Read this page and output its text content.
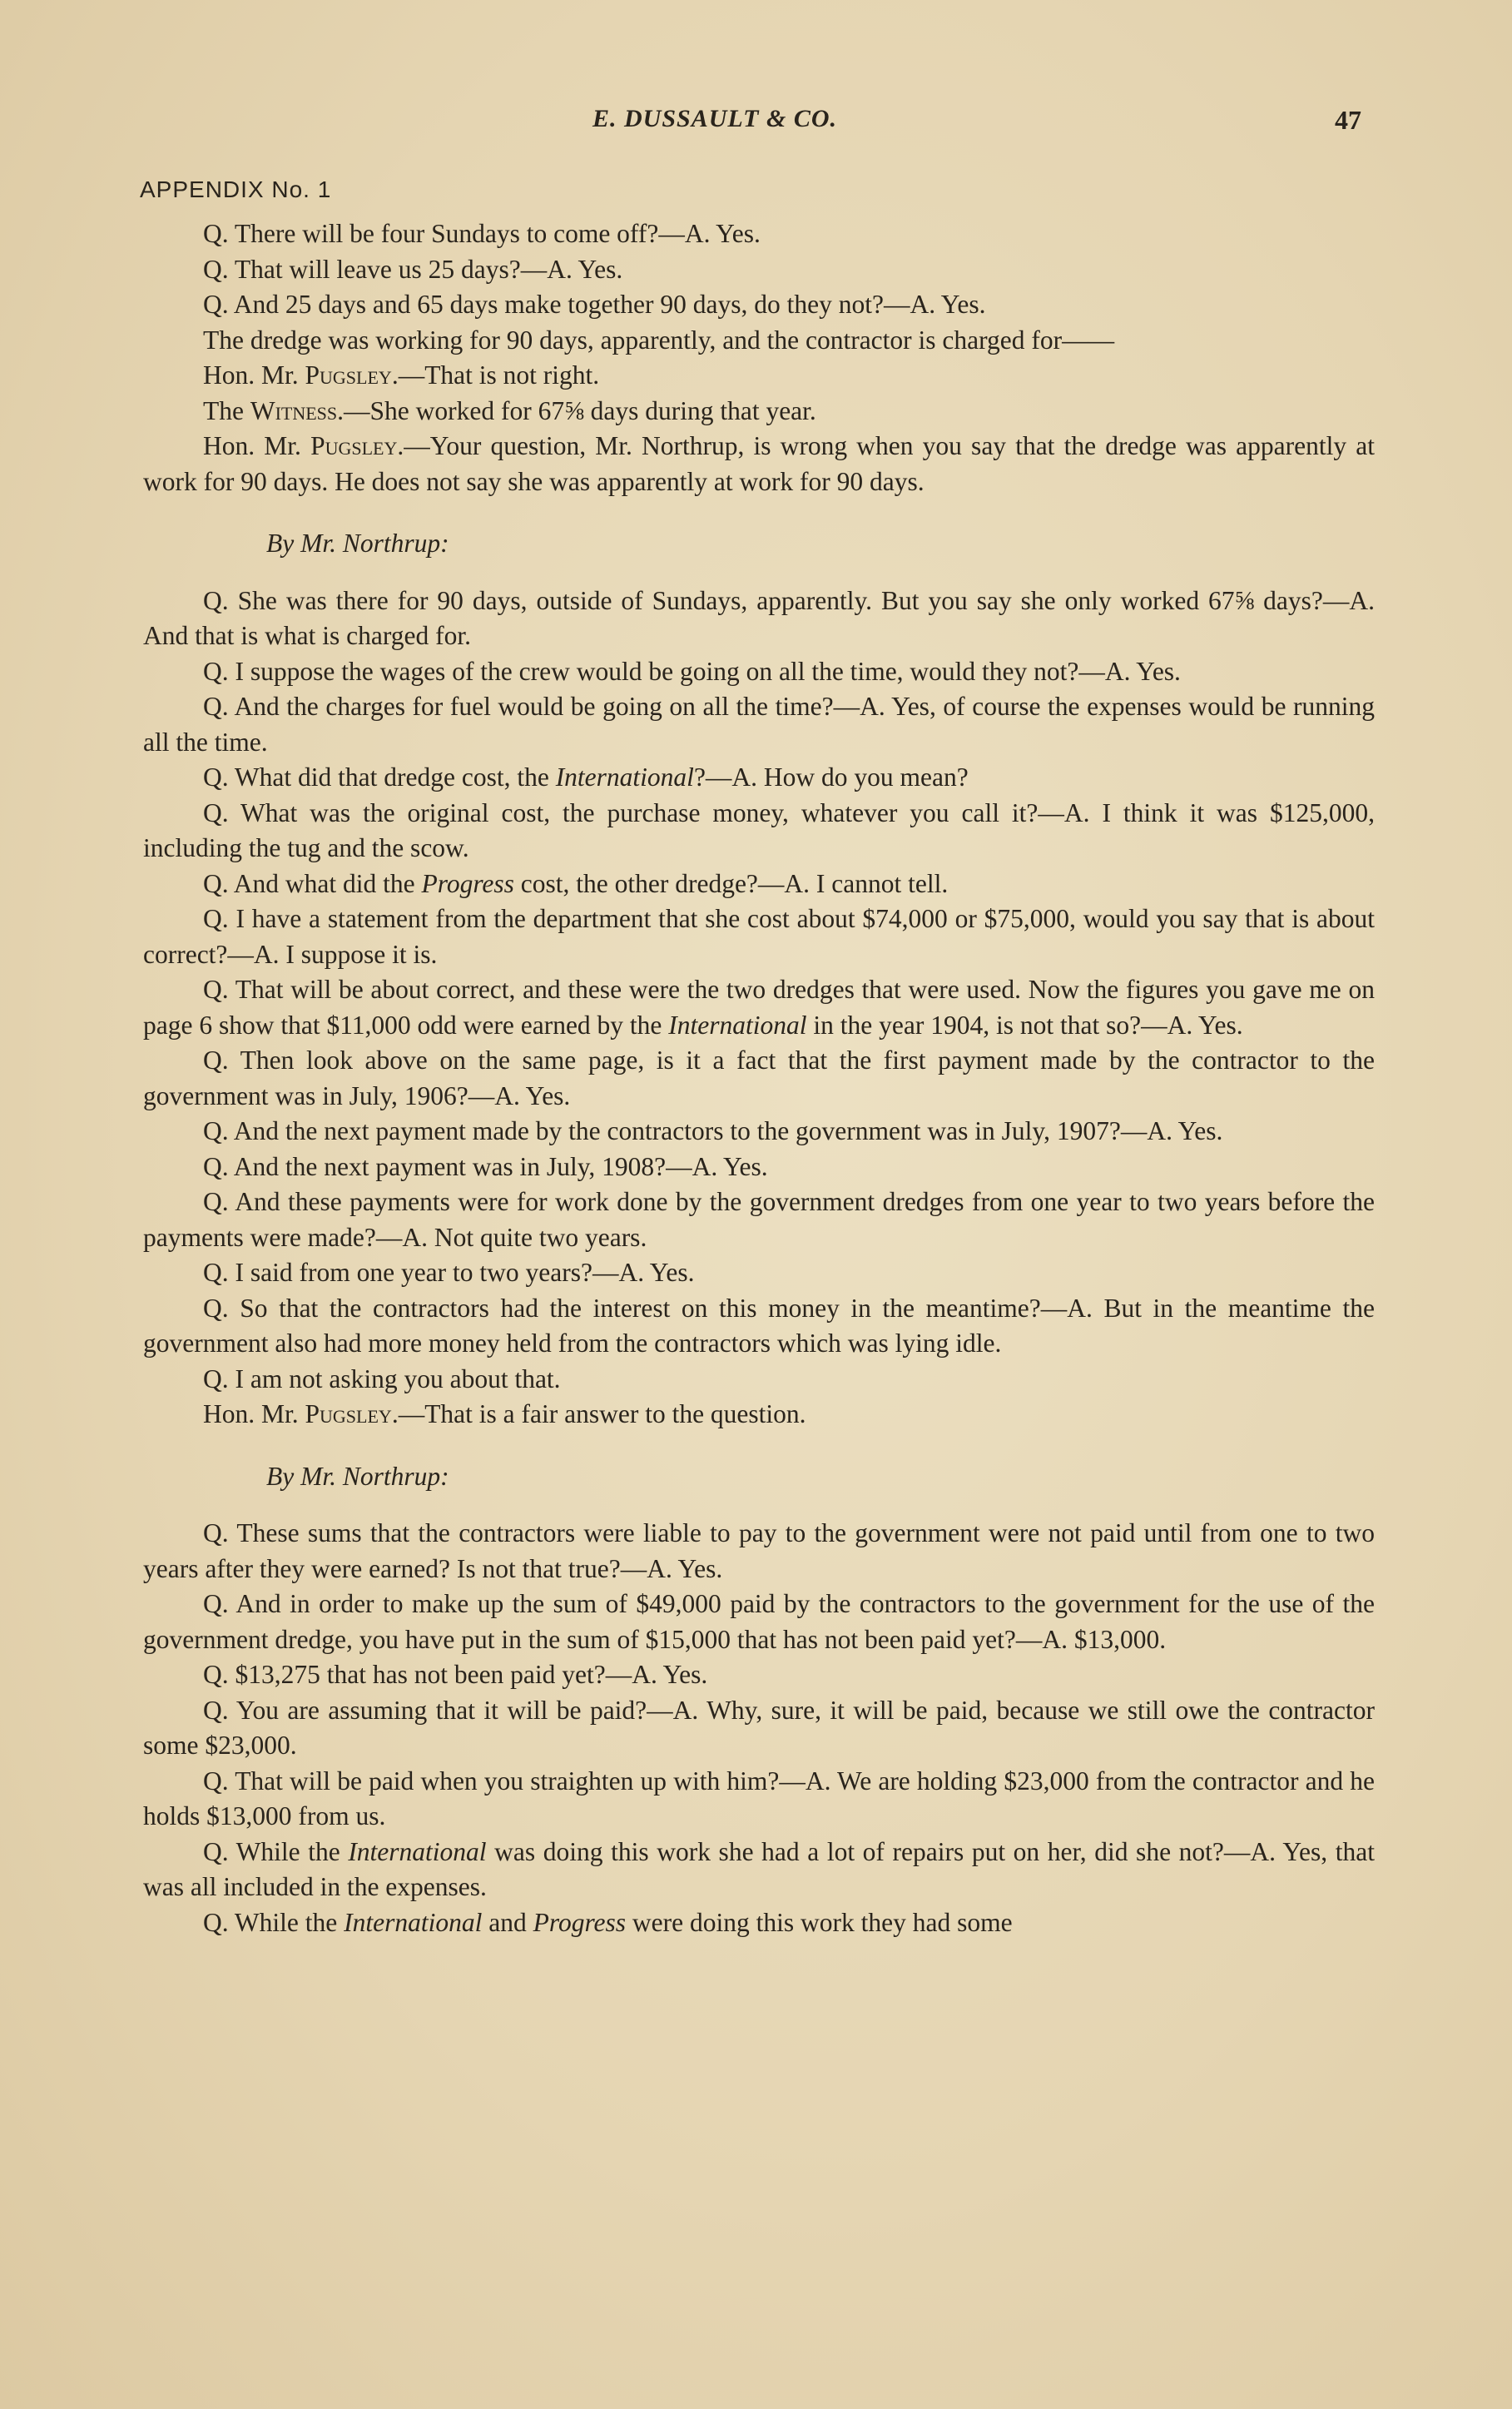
E. DUSSAULT & CO.	47
APPENDIX No. 1

Q. There will be four Sundays to come off?—A. Yes.

Q. That will leave us 25 days?—A. Yes.

Q. And 25 days and 65 days make together 90 days, do they not?—A. Yes.

The dredge was working for 90 days, apparently, and the contractor is charged for——

Hon. Mr. Pugsley.—That is not right.

The Witness.—She worked for 67⅝ days during that year.

Hon. Mr. Pugsley.—Your question, Mr. Northrup, is wrong when you say that the dredge was apparently at work for 90 days. He does not say she was apparently at work for 90 days.

By Mr. Northrup:

Q. She was there for 90 days, outside of Sundays, apparently. But you say she only worked 67⅝ days?—A. And that is what is charged for.

Q. I suppose the wages of the crew would be going on all the time, would they not?—A. Yes.

Q. And the charges for fuel would be going on all the time?—A. Yes, of course the expenses would be running all the time.

Q. What did that dredge cost, the International?—A. How do you mean?

Q. What was the original cost, the purchase money, whatever you call it?—A. I think it was $125,000, including the tug and the scow.

Q. And what did the Progress cost, the other dredge?—A. I cannot tell.

Q. I have a statement from the department that she cost about $74,000 or $75,000, would you say that is about correct?—A. I suppose it is.

Q. That will be about correct, and these were the two dredges that were used. Now the figures you gave me on page 6 show that $11,000 odd were earned by the International in the year 1904, is not that so?—A. Yes.

Q. Then look above on the same page, is it a fact that the first payment made by the contractor to the government was in July, 1906?—A. Yes.

Q. And the next payment made by the contractors to the government was in July, 1907?—A. Yes.

Q. And the next payment was in July, 1908?—A. Yes.

Q. And these payments were for work done by the government dredges from one year to two years before the payments were made?—A. Not quite two years.

Q. I said from one year to two years?—A. Yes.

Q. So that the contractors had the interest on this money in the meantime?—A. But in the meantime the government also had more money held from the contractors which was lying idle.

Q. I am not asking you about that.

Hon. Mr. Pugsley.—That is a fair answer to the question.

By Mr. Northrup:

Q. These sums that the contractors were liable to pay to the government were not paid until from one to two years after they were earned? Is not that true?—A. Yes.

Q. And in order to make up the sum of $49,000 paid by the contractors to the government for the use of the government dredge, you have put in the sum of $15,000 that has not been paid yet?—A. $13,000.

Q. $13,275 that has not been paid yet?—A. Yes.

Q. You are assuming that it will be paid?—A. Why, sure, it will be paid, because we still owe the contractor some $23,000.

Q. That will be paid when you straighten up with him?—A. We are holding $23,000 from the contractor and he holds $13,000 from us.

Q. While the International was doing this work she had a lot of repairs put on her, did she not?—A. Yes, that was all included in the expenses.

Q. While the International and Progress were doing this work they had some
